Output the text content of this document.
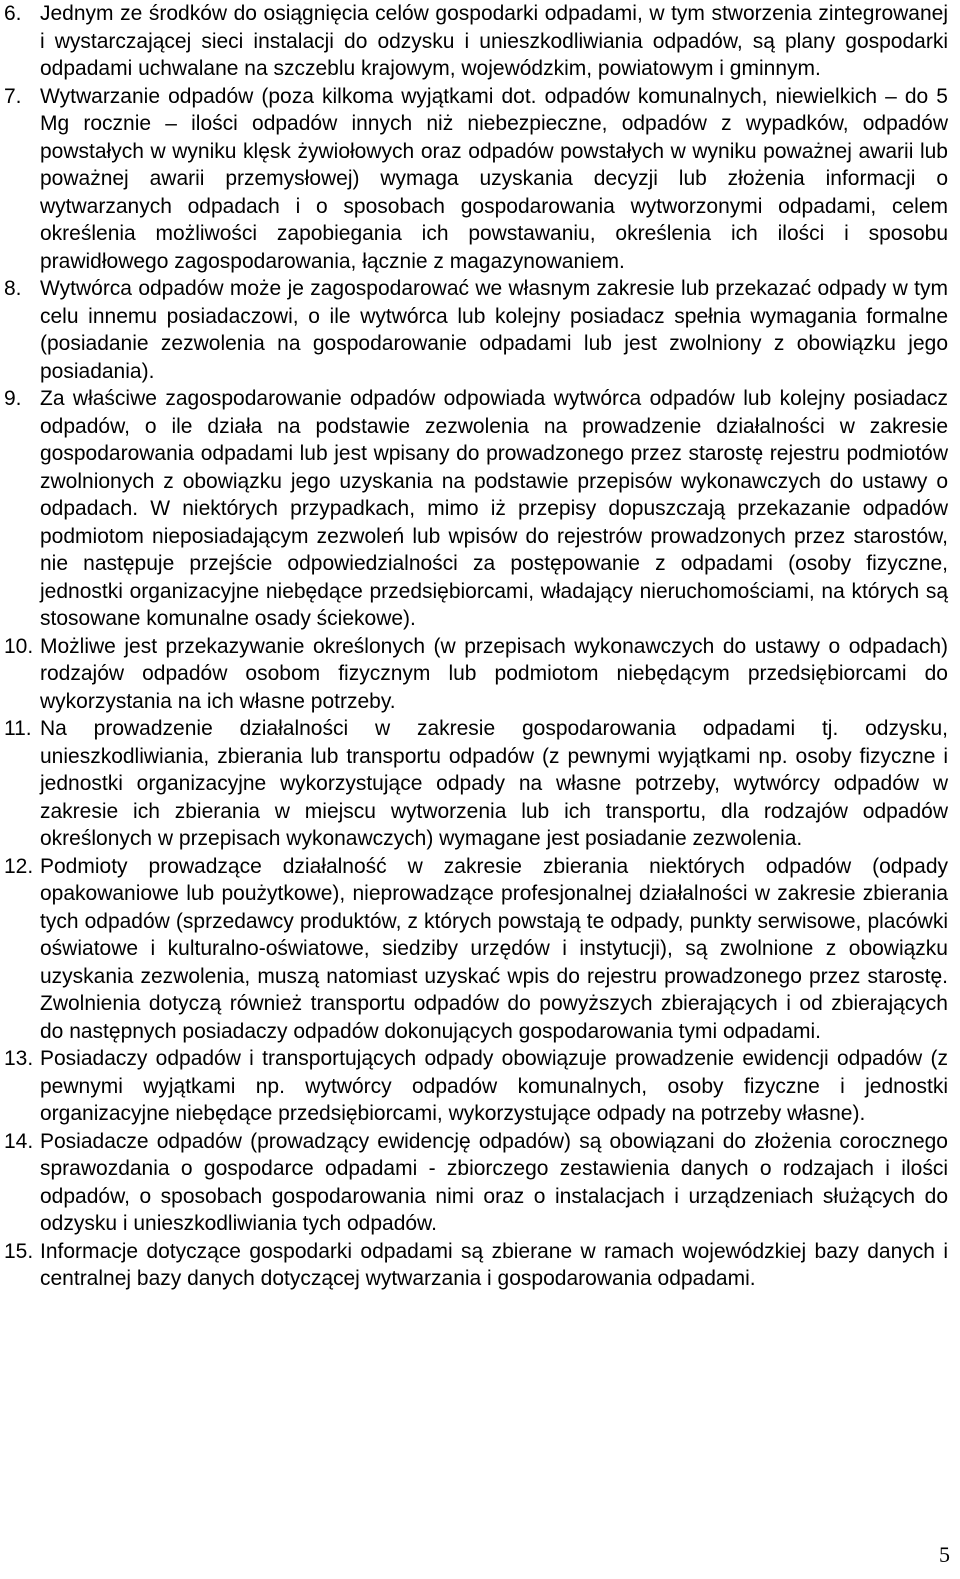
6. Jednym ze środków do osiągnięcia celów gospodarki odpadami, w tym stworzenia zintegrowanej i wystarczającej sieci instalacji do odzysku i unieszkodliwiania odpadów, są plany gospodarki odpadami uchwalane na szczeblu krajowym, wojewódzkim, powiatowym i gminnym.
7. Wytwarzanie odpadów (poza kilkoma wyjątkami dot. odpadów komunalnych, niewielkich – do 5 Mg rocznie – ilości odpadów innych niż niebezpieczne, odpadów z wypadków, odpadów powstałych w wyniku klęsk żywiołowych oraz odpadów powstałych w wyniku poważnej awarii lub poważnej awarii przemysłowej) wymaga uzyskania decyzji lub złożenia informacji o wytwarzanych odpadach i o sposobach gospodarowania wytworzonymi odpadami, celem określenia możliwości zapobiegania ich powstawaniu, określenia ich ilości i sposobu prawidłowego zagospodarowania, łącznie z magazynowaniem.
8. Wytwórca odpadów może je zagospodarować we własnym zakresie lub przekazać odpady w tym celu innemu posiadaczowi, o ile wytwórca lub kolejny posiadacz spełnia wymagania formalne (posiadanie zezwolenia na gospodarowanie odpadami lub jest zwolniony z obowiązku jego posiadania).
9. Za właściwe zagospodarowanie odpadów odpowiada wytwórca odpadów lub kolejny posiadacz odpadów, o ile działa na podstawie zezwolenia na prowadzenie działalności w zakresie gospodarowania odpadami lub jest wpisany do prowadzonego przez starostę rejestru podmiotów zwolnionych z obowiązku jego uzyskania na podstawie przepisów wykonawczych do ustawy o odpadach. W niektórych przypadkach, mimo iż przepisy dopuszczają przekazanie odpadów podmiotom nieposiadającym zezwoleń lub wpisów do rejestrów prowadzonych przez starostów, nie następuje przejście odpowiedzialności za postępowanie z odpadami (osoby fizyczne, jednostki organizacyjne niebędące przedsiębiorcami, władający nieruchomościami, na których są stosowane komunalne osady ściekowe).
10. Możliwe jest przekazywanie określonych (w przepisach wykonawczych do ustawy o odpadach) rodzajów odpadów osobom fizycznym lub podmiotom niebędącym przedsiębiorcami do wykorzystania na ich własne potrzeby.
11. Na prowadzenie działalności w zakresie gospodarowania odpadami tj. odzysku, unieszkodliwiania, zbierania lub transportu odpadów (z pewnymi wyjątkami np. osoby fizyczne i jednostki organizacyjne wykorzystujące odpady na własne potrzeby, wytwórcy odpadów w zakresie ich zbierania w miejscu wytworzenia lub ich transportu, dla rodzajów odpadów określonych w przepisach wykonawczych) wymagane jest posiadanie zezwolenia.
12. Podmioty prowadzące działalność w zakresie zbierania niektórych odpadów (odpady opakowaniowe lub poużytkowe), nieprowadzące profesjonalnej działalności w zakresie zbierania tych odpadów (sprzedawcy produktów, z których powstają te odpady, punkty serwisowe, placówki oświatowe i kulturalno-oświatowe, siedziby urzędów i instytucji), są zwolnione z obowiązku uzyskania zezwolenia, muszą natomiast uzyskać wpis do rejestru prowadzonego przez starostę. Zwolnienia dotyczą również transportu odpadów do powyższych zbierających i od zbierających do następnych posiadaczy odpadów dokonujących gospodarowania tymi odpadami.
13. Posiadaczy odpadów i transportujących odpady obowiązuje prowadzenie ewidencji odpadów (z pewnymi wyjątkami np. wytwórcy odpadów komunalnych, osoby fizyczne i jednostki organizacyjne niebędące przedsiębiorcami, wykorzystujące odpady na potrzeby własne).
14. Posiadacze odpadów (prowadzący ewidencję odpadów) są obowiązani do złożenia corocznego sprawozdania o gospodarce odpadami - zbiorczego zestawienia danych o rodzajach i ilości odpadów, o sposobach gospodarowania nimi oraz o instalacjach i urządzeniach służących do odzysku i unieszkodliwiania tych odpadów.
15. Informacje dotyczące gospodarki odpadami są zbierane w ramach wojewódzkiej bazy danych i centralnej bazy danych dotyczącej wytwarzania i gospodarowania odpadami.
5
